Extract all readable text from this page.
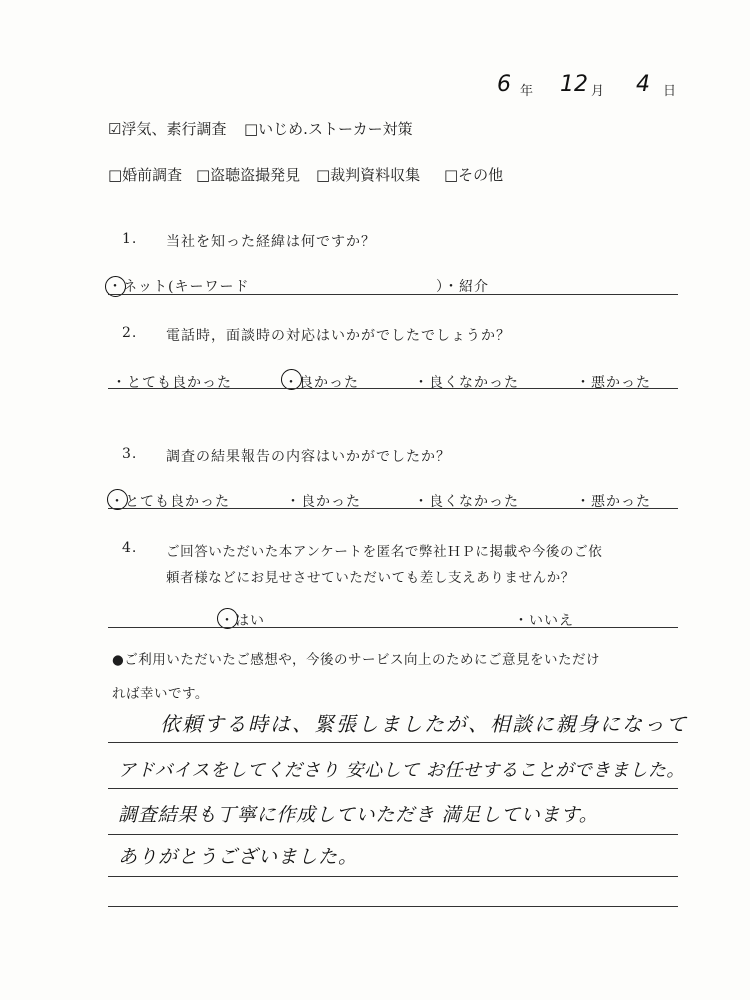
6 年 12 月 4 日
☑浮気、素行調査 □いじめ.ストーカー対策
□婚前調査 □盗聴盗撮発見 □裁判資料収集 □その他
1. 当社を知った経緯は何ですか？
・ネット(キーワード	）・紹介
2. 電話時，面談時の対応はいかがでしたでしょうか？
・とても良かった	・良かった	・良くなかった	・悪かった
3. 調査の結果報告の内容はいかがでしたか？
・とても良かった	・良かった	・良くなかった	・悪かった
4. ご回答いただいた本アンケートを匿名で弊社ＨＰに掲載や今後のご依
頼者様などにお見せさせていただいても差し支えありませんか？
・はい	・いいえ
●ご利用いただいたご感想や，今後のサービス向上のためにご意見をいただけ
れば幸いです。
依頼する時は、緊張しましたが、相談に親身になって
アドバイスをしてくださり 安心して お任せすることができました。
調査結果も丁寧に作成していただき 満足しています。
ありがとうございました。
